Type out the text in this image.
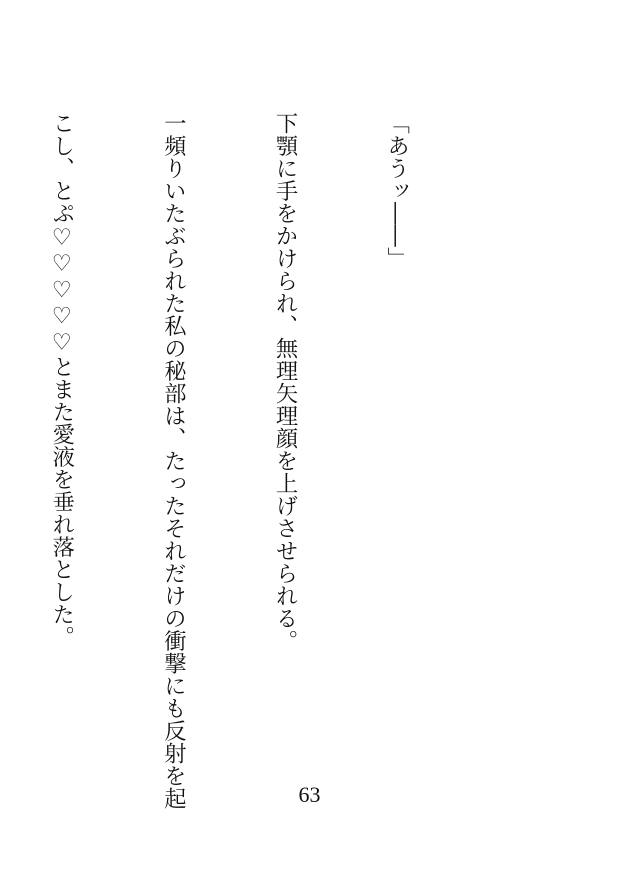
「あうッ――」

下顎に手をかけられ、無理矢理顔を上げさせられる。

一頻りいたぶられた私の秘部は、たったそれだけの衝撃にも反射を起

こし、とぷ♡♡♡♡♡とまた愛液を垂れ落とした。

63
